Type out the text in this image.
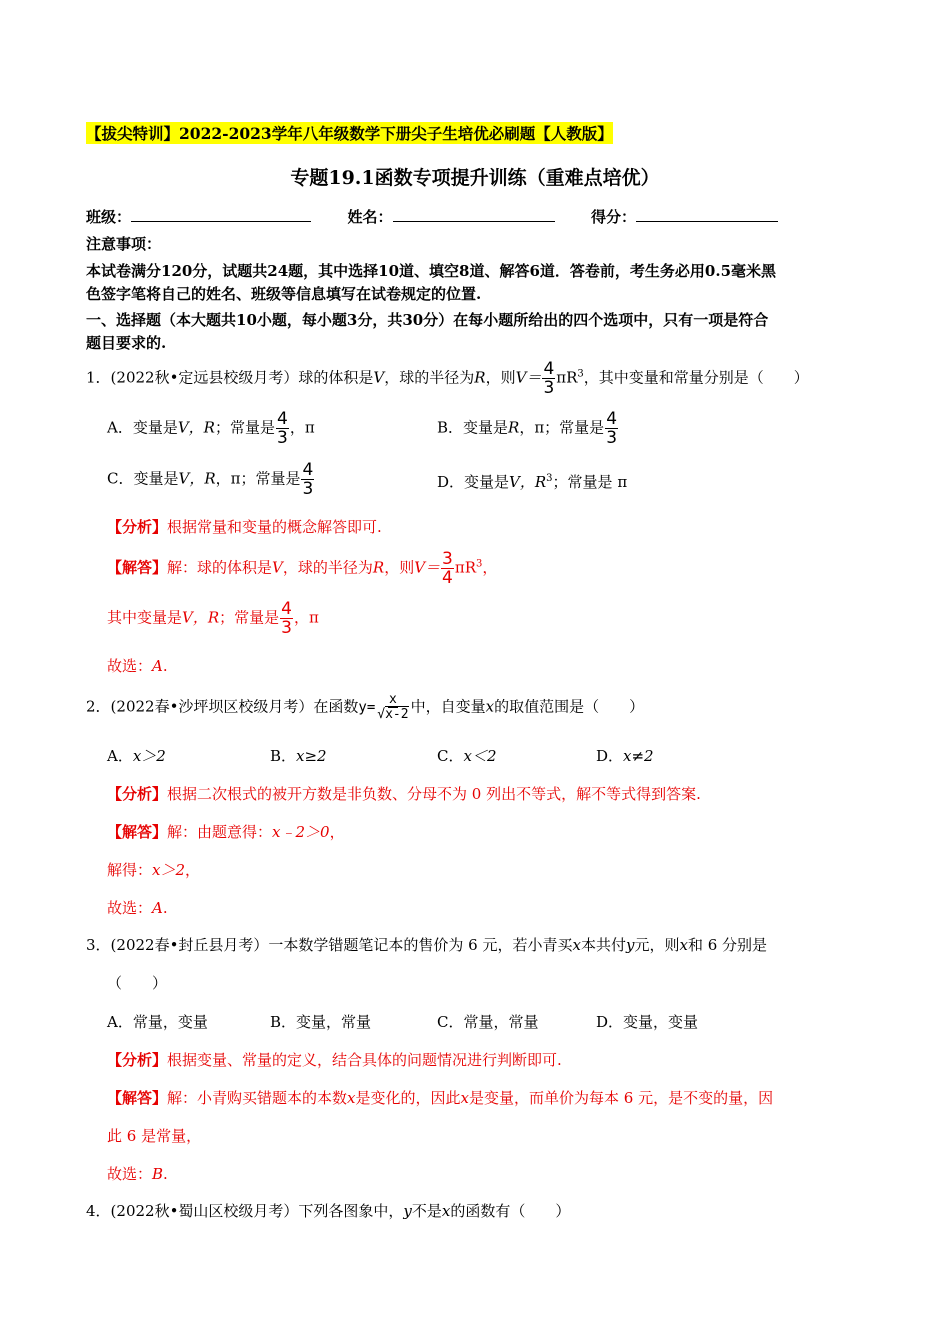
【拔尖特训】2022-2023学年八年级数学下册尖子生培优必刷题【人教版】
专题19.1函数专项提升训练（重难点培优）
班级：	姓名：	得分：
注意事项：
本试卷满分120分，试题共24题，其中选择10道、填空8道、解答6道．答卷前，考生务必用0.5毫米黑
色签字笔将自己的姓名、班级等信息填写在试卷规定的位置.
一、选择题（本大题共10小题，每小题3分，共30分）在每小题所给出的四个选项中，只有一项是符合
题目要求的.
1．(2022秋•定远县校级月考）球的体积是V，球的半径为R，则$V= \frac{4}{3} \pi R^3$，其中变量和常量分别是（　　）
A．变量是V，R；常量是 $\frac{4}{3}$ ，π	B．变量是R，π；常量是 $\frac{4}{3}$
C．变量是V，R，π；常量是 $\frac{4}{3}$	D．变量是V，$R^3$；常量是 π
【分析】根据常量和变量的概念解答即可.
【解答】解：球的体积是V，球的半径为R，则$V= \frac{3}{4} \pi R^3$，
其中变量是V，R；常量是 $\frac{4}{3}$ ，π
故选：A.
2．(2022春•沙坪坝区校级月考）在函数$y= \frac{x}{√x-2}$ 中，自变量x的取值范围是（　　）
A．x＞2	B．x≥2	C．x＜2	D．x≠2
【分析】根据二次根式的被开方数是非负数、分母不为 0 列出不等式，解不等式得到答案.
【解答】解：由题意得：x﹣2＞0，
解得：x＞2，
故选：A.
3．(2022春•封丘县月考）一本数学错题笔记本的售价为 6 元，若小青买x本共付y元，则x和 6 分别是
（　　）
A．常量，变量	B．变量，常量	C．常量，常量	D．变量，变量
【分析】根据变量、常量的定义，结合具体的问题情况进行判断即可.
【解答】解：小青购买错题本的本数x是变化的，因此x是变量，而单价为每本 6 元，是不变的量，因
此 6 是常量，
故选：B.
4．(2022秋•蜀山区校级月考）下列各图象中，y不是x的函数有（　　）
